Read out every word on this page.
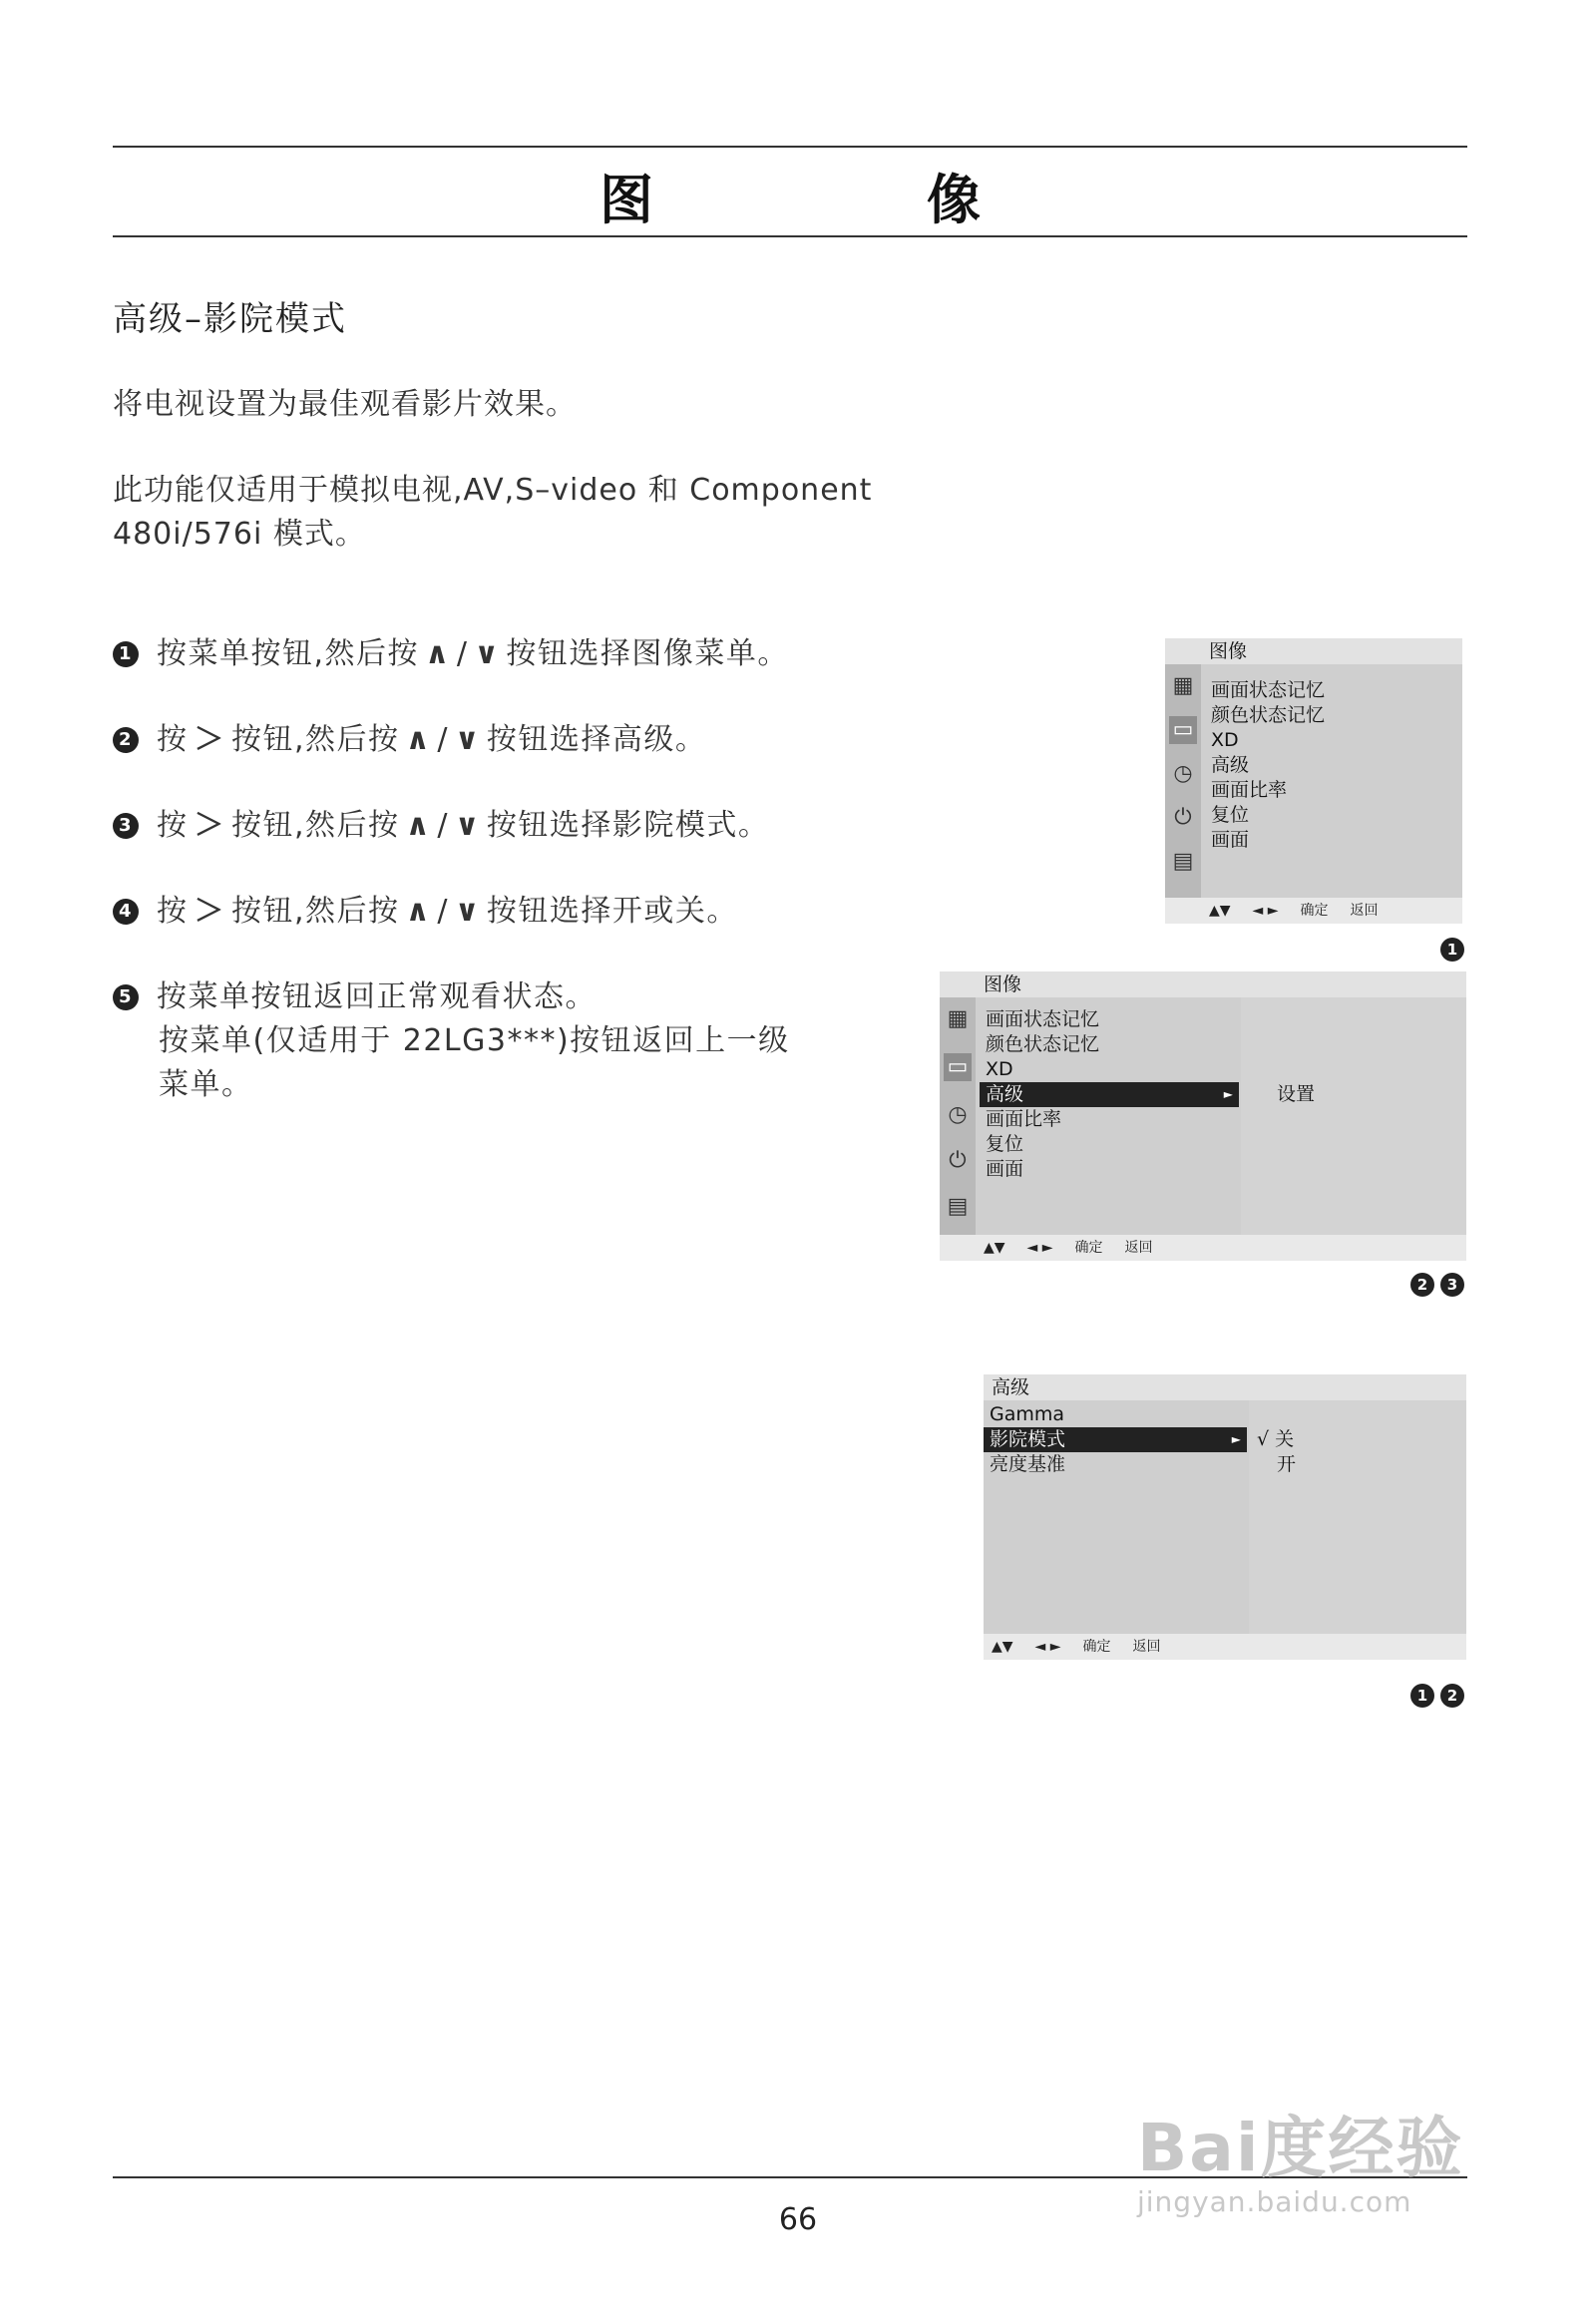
图　像
高级–影院模式
将电视设置为最佳观看影片效果。
此功能仅适用于模拟电视,AV,S–video 和 Component
480i/576i 模式。
1 按菜单按钮,然后按 ∧ / ∨ 按钮选择图像菜单。
2 按 ＞ 按钮,然后按 ∧ / ∨ 按钮选择高级。
3 按 ＞ 按钮,然后按 ∧ / ∨ 按钮选择影院模式。
4 按 ＞ 按钮,然后按 ∧ / ∨ 按钮选择开或关。
5 按菜单按钮返回正常观看状态。
按菜单(仅适用于 22LG3***)按钮返回上一级
菜单。
图像
▦
▭
◷
⏻
▤
画面状态记忆
颜色状态记忆
XD
高级
画面比率
复位
画面
▲▼ ◄ ► 确定 返回
1
图像
▦
▭
◷
⏻
▤
画面状态记忆
颜色状态记忆
XD
高级	►
画面比率
复位
画面
设置
▲▼ ◄ ► 确定 返回
2 3
高级
Gamma
影院模式	►
亮度基准
√ 关
开
▲▼ ◄ ► 确定 返回
1 2
66
Bai度经验
jingyan.baidu.com
